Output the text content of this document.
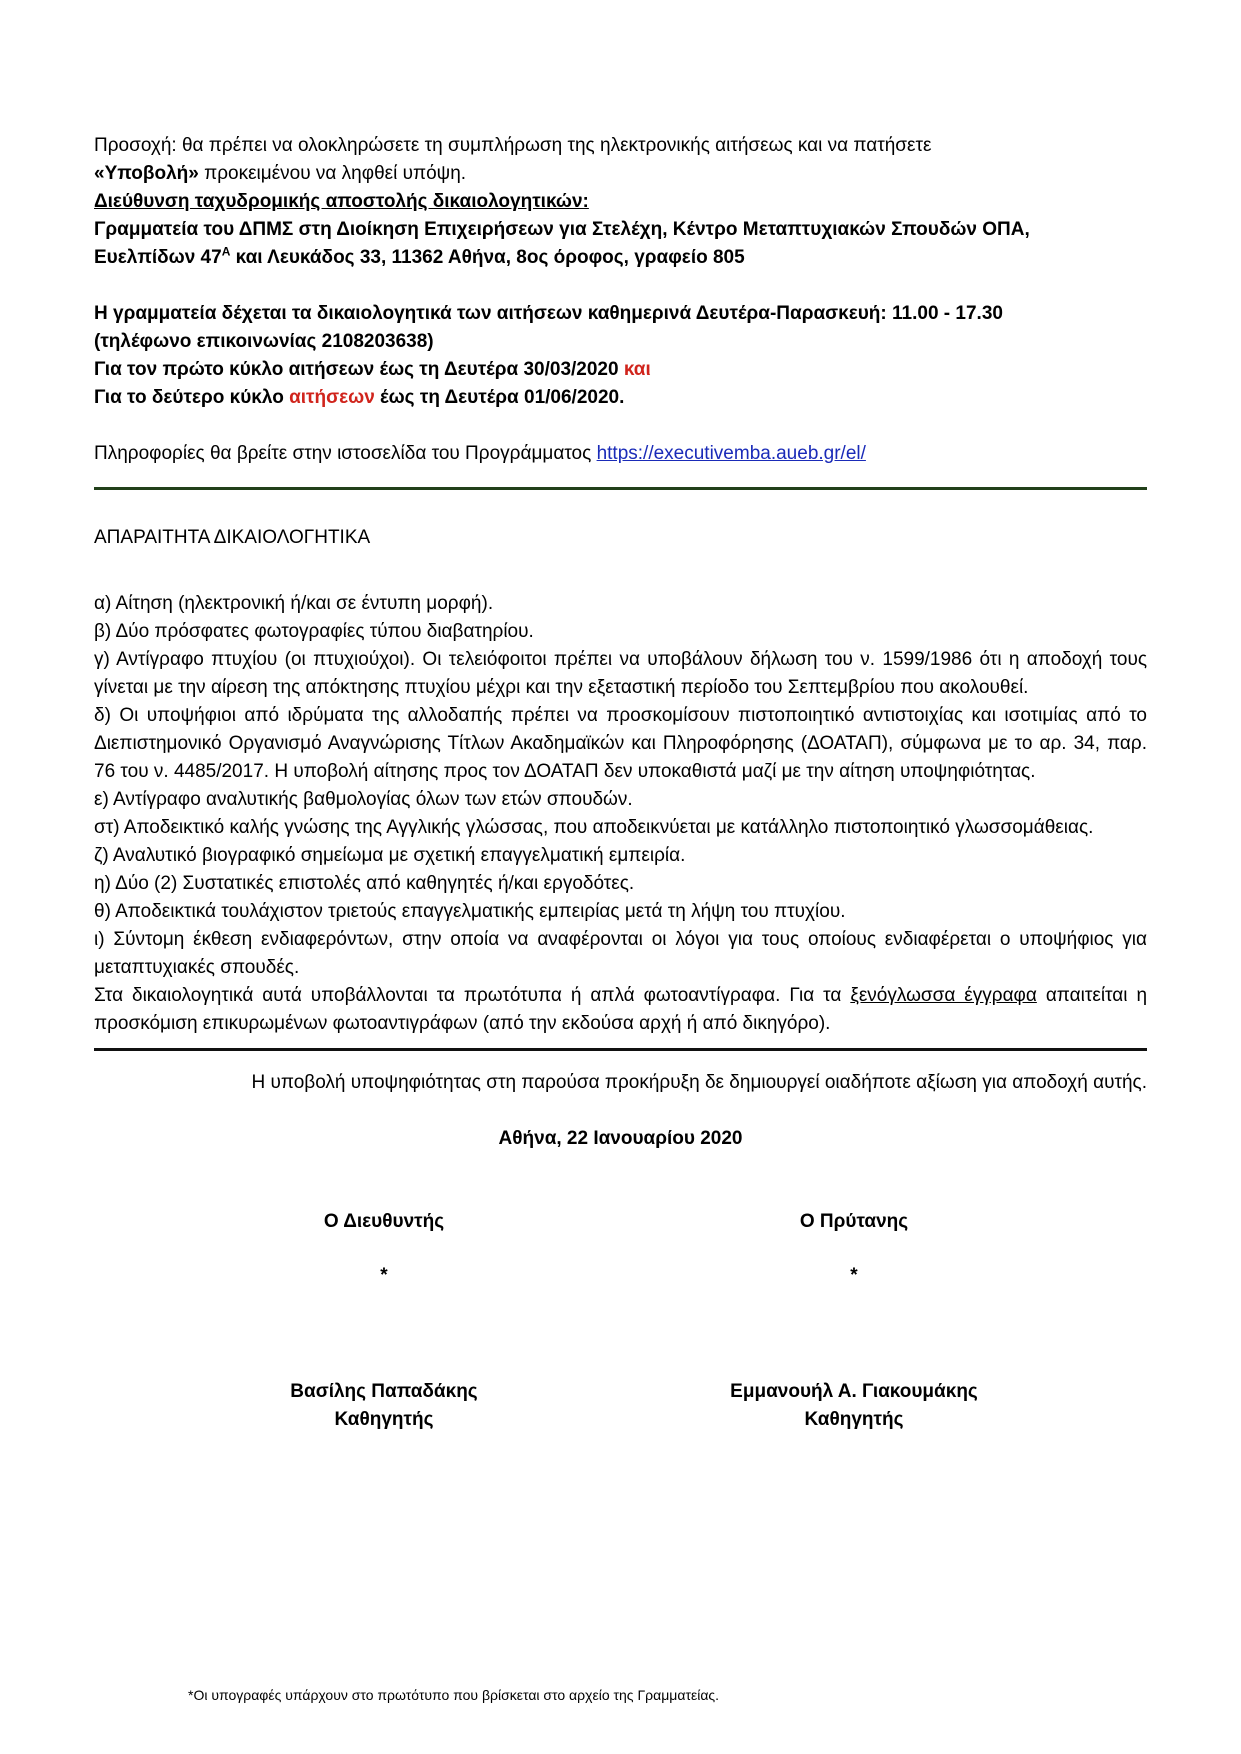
Προσοχή: θα πρέπει να ολοκληρώσετε τη συμπλήρωση της ηλεκτρονικής αιτήσεως και να πατήσετε

«Υποβολή» προκειμένου να ληφθεί υπόψη.

Διεύθυνση ταχυδρομικής αποστολής δικαιολογητικών:

Γραμματεία του ΔΠΜΣ στη Διοίκηση Επιχειρήσεων για Στελέχη, Κέντρο Μεταπτυχιακών Σπουδών ΟΠΑ,

Ευελπίδων $47^A$ και Λευκάδος 33, 11362 Αθήνα, 8ος όροφος, γραφείο 805

Η γραμματεία δέχεται τα δικαιολογητικά των αιτήσεων καθημερινά Δευτέρα-Παρασκευή: 11.00 - 17.30

(τηλέφωνο επικοινωνίας 2108203638)

Για τον πρώτο κύκλο αιτήσεων έως τη Δευτέρα 30/03/2020 και

Για το δεύτερο κύκλο αιτήσεων έως τη Δευτέρα 01/06/2020.

Πληροφορίες θα βρείτε στην ιστοσελίδα του Προγράμματος https://executivemba.aueb.gr/el/

ΑΠΑΡΑΙΤΗΤΑ ΔΙΚΑΙΟΛΟΓΗΤΙΚΑ

α) Αίτηση (ηλεκτρονική ή/και σε έντυπη μορφή).

β) Δύο πρόσφατες φωτογραφίες τύπου διαβατηρίου.

γ) Αντίγραφο πτυχίου (οι πτυχιούχοι). Οι τελειόφοιτοι πρέπει να υποβάλουν δήλωση του ν. 1599/1986 ότι η αποδοχή τους γίνεται με την αίρεση της απόκτησης πτυχίου μέχρι και την εξεταστική περίοδο του Σεπτεμβρίου που ακολουθεί.

δ) Οι υποψήφιοι από ιδρύματα της αλλοδαπής πρέπει να προσκομίσουν πιστοποιητικό αντιστοιχίας και ισοτιμίας από το Διεπιστημονικό Οργανισμό Αναγνώρισης Τίτλων Ακαδημαϊκών και Πληροφόρησης (ΔΟΑΤΑΠ), σύμφωνα με το αρ. 34, παρ. 76 του ν. 4485/2017. Η υποβολή αίτησης προς τον ΔΟΑΤΑΠ δεν υποκαθιστά μαζί με την αίτηση υποψηφιότητας.

ε) Αντίγραφο αναλυτικής βαθμολογίας όλων των ετών σπουδών.

στ) Αποδεικτικό καλής γνώσης της Αγγλικής γλώσσας, που αποδεικνύεται με κατάλληλο πιστοποιητικό γλωσσομάθειας.

ζ) Αναλυτικό βιογραφικό σημείωμα με σχετική επαγγελματική εμπειρία.

η) Δύο (2) Συστατικές επιστολές από καθηγητές ή/και εργοδότες.

θ) Αποδεικτικά τουλάχιστον τριετούς επαγγελματικής εμπειρίας μετά τη λήψη του πτυχίου.

ι) Σύντομη έκθεση ενδιαφερόντων, στην οποία να αναφέρονται οι λόγοι για τους οποίους ενδιαφέρεται ο υποψήφιος για μεταπτυχιακές σπουδές.

Στα δικαιολογητικά αυτά υποβάλλονται τα πρωτότυπα ή απλά φωτοαντίγραφα. Για τα ξενόγλωσσα έγγραφα απαιτείται η προσκόμιση επικυρωμένων φωτοαντιγράφων (από την εκδούσα αρχή ή από δικηγόρο).

Η υποβολή υποψηφιότητας στη παρούσα προκήρυξη δε δημιουργεί οιαδήποτε αξίωση για αποδοχή αυτής.

Αθήνα, 22 Ιανουαρίου 2020

Ο Διευθυντής

*

Βασίλης Παπαδάκης

Καθηγητής

Ο Πρύτανης

*

Εμμανουήλ Α. Γιακουμάκης

Καθηγητής

*Οι υπογραφές υπάρχουν στο πρωτότυπο που βρίσκεται στο αρχείο της Γραμματείας.
